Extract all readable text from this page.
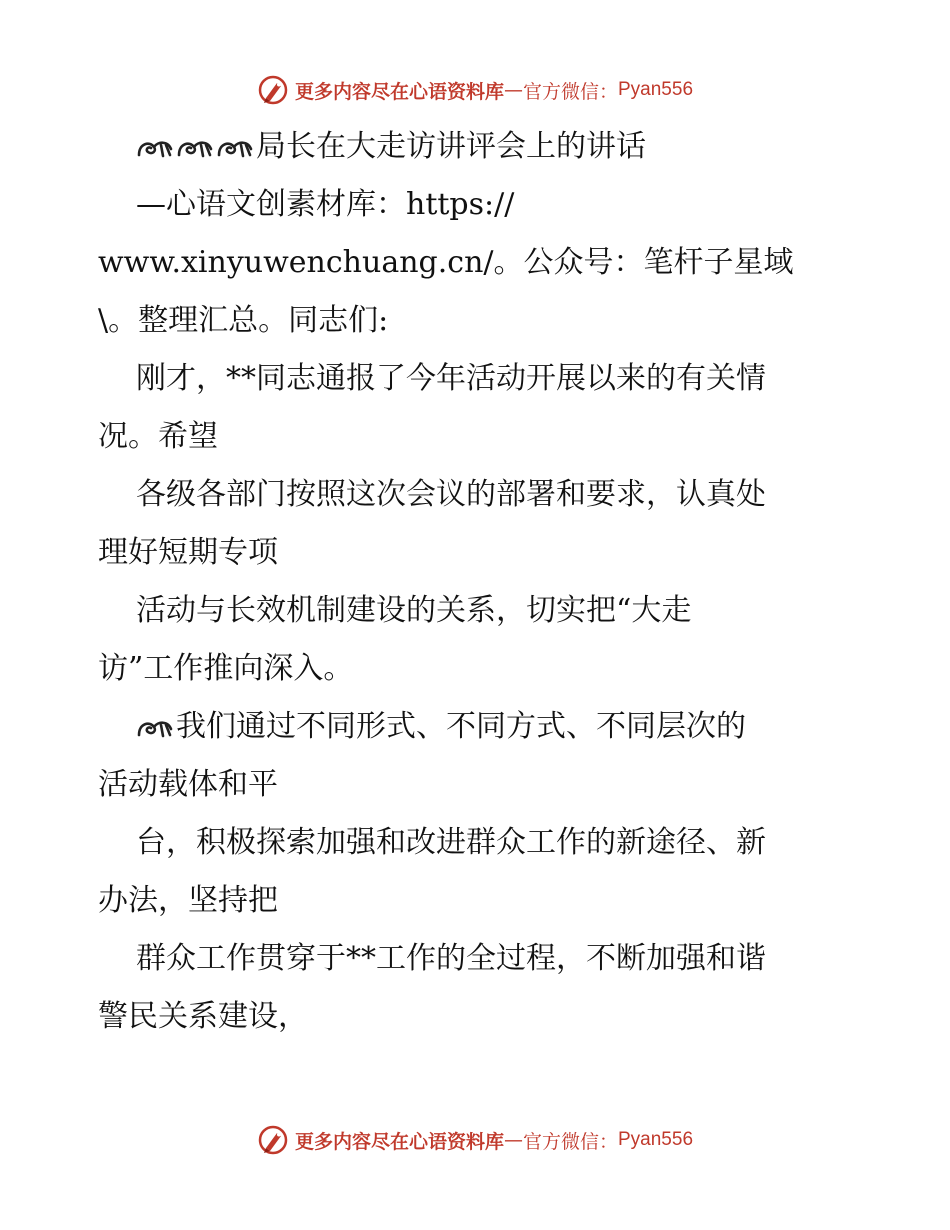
更多内容尽在心语资料库 — 官方微信： Pyan556
局长在大走访讲评会上的讲话
—心语文创素材库：https://
www.xinyuwenchuang.cn/。公众号：笔杆子星域
\。整理汇总。同志们:
刚才，**同志通报了今年活动开展以来的有关情
况。希望
各级各部门按照这次会议的部署和要求，认真处
理好短期专项
活动与长效机制建设的关系，切实把“大走
访”工作推向深入。
我们通过不同形式、不同方式、不同层次的
活动载体和平
台，积极探索加强和改进群众工作的新途径、新
办法，坚持把
群众工作贯穿于**工作的全过程，不断加强和谐
警民关系建设，
更多内容尽在心语资料库 — 官方微信： Pyan556
